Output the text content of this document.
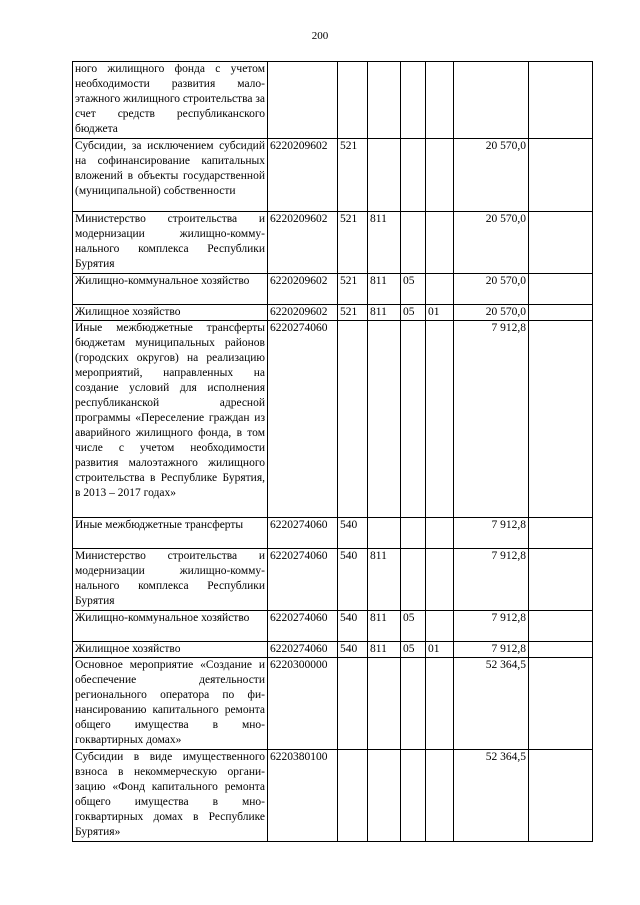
200
ного жилищного фонда с учетом необходимости развития малоэтажного жилищного строительства за счет средств республиканского бюджета							
Субсидии, за исключением субсидий на софинансирование капитальных вложений в объекты государственной (муниципальной) собственности	6220209602	521				20 570,0	
Министерство строительства и модернизации жилищно-коммунального комплекса Республики Бурятия	6220209602	521	811			20 570,0	
Жилищно-коммунальное хозяйство	6220209602	521	811	05		20 570,0	
Жилищное хозяйство	6220209602	521	811	05	01	20 570,0	
Иные межбюджетные трансферты бюджетам муниципальных районов (городских округов) на реализацию мероприятий, направленных на создание условий для исполнения республиканской адресной программы «Переселение граждан из аварийного жилищного фонда, в том числе с учетом необходимости развития малоэтажного жилищного строительства в Республике Бурятия, в 2013 – 2017 годах»	6220274060					7 912,8	
Иные межбюджетные трансферты	6220274060	540				7 912,8	
Министерство строительства и модернизации жилищно-коммунального комплекса Республики Бурятия	6220274060	540	811			7 912,8	
Жилищно-коммунальное хозяйство	6220274060	540	811	05		7 912,8	
Жилищное хозяйство	6220274060	540	811	05	01	7 912,8	
Основное мероприятие «Создание и обеспечение деятельности регионального оператора по финансированию капитального ремонта общего имущества в многоквартирных домах»	6220300000					52 364,5	
Субсидии в виде имущественного взноса в некоммерческую организацию «Фонд капитального ремонта общего имущества в многоквартирных домах в Республике Бурятия»	6220380100					52 364,5	
